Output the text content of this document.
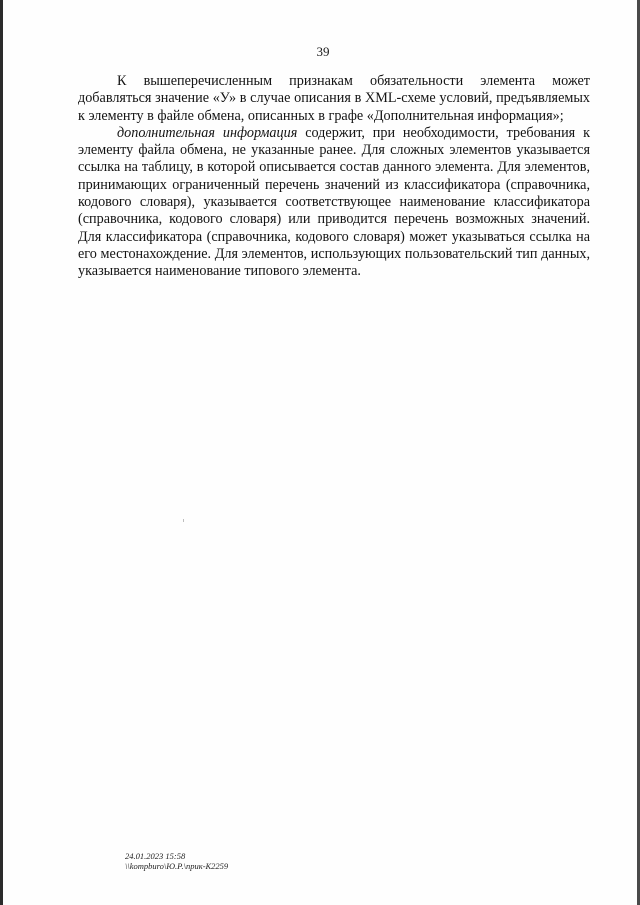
39

К вышеперечисленным признакам обязательности элемента может добавляться значение «У» в случае описания в XML-схеме условий, предъявляемых к элементу в файле обмена, описанных в графе «Дополнительная информация»;

дополнительная информация содержит, при необходимости, требования к элементу файла обмена, не указанные ранее. Для сложных элементов указывается ссылка на таблицу, в которой описывается состав данного элемента. Для элементов, принимающих ограниченный перечень значений из классификатора (справочника, кодового словаря), указывается соответствующее наименование классификатора (справочника, кодового словаря) или приводится перечень возможных значений. Для классификатора (справочника, кодового словаря) может указываться ссылка на его местонахождение. Для элементов, использующих пользовательский тип данных, указывается наименование типового элемента.

24.01.2023 15:58
\\kompburo\Ю.Р.\прик-К2259
